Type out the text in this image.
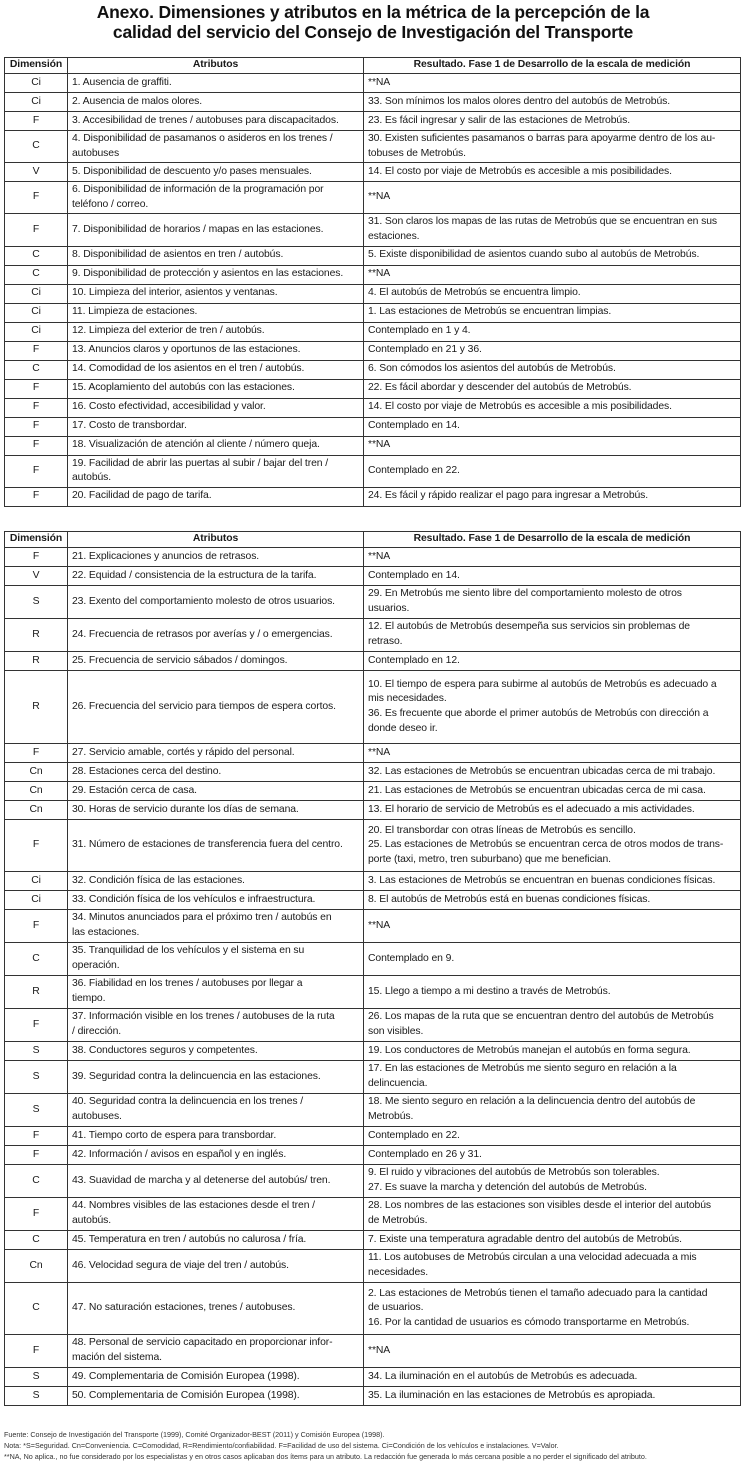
Anexo. Dimensiones y atributos en la métrica de la percepción de la
calidad del servicio del Consejo de Investigación del Transporte
Dimensión	Atributos	Resultado. Fase 1 de Desarrollo de la escala de medición
Ci	1. Ausencia de graffiti.	**NA

Ci	2. Ausencia de malos olores.	33. Son mínimos los malos olores dentro del autobús de Metrobús.

F	3. Accesibilidad de trenes / autobuses para discapacitados.	23. Es fácil ingresar y salir de las estaciones de Metrobús.

C	4. Disponibilidad de pasamanos o asideros en los trenes /
autobuses	30. Existen suficientes pasamanos o barras para apoyarme dentro de los au-
tobuses de Metrobús.

V	5. Disponibilidad de descuento y/o pases mensuales.	14. El costo por viaje de Metrobús es accesible a mis posibilidades.

F	6. Disponibilidad de información de la programación por
teléfono / correo.	**NA

F	7. Disponibilidad de horarios / mapas en las estaciones.	31. Son claros los mapas de las rutas de Metrobús que se encuentran en sus
estaciones.

C	8. Disponibilidad de asientos en tren / autobús.	5. Existe disponibilidad de asientos cuando subo al autobús de Metrobús.

C	9. Disponibilidad de protección y asientos en las estaciones.	**NA

Ci	10. Limpieza del interior, asientos y ventanas.	4. El autobús de Metrobús se encuentra limpio.

Ci	11. Limpieza de estaciones.	1. Las estaciones de Metrobús se encuentran limpias.

Ci	12. Limpieza del exterior de tren / autobús.	Contemplado en 1 y 4.

F	13. Anuncios claros y oportunos de las estaciones.	Contemplado en 21 y 36.

C	14. Comodidad de los asientos en el tren / autobús.	6. Son cómodos los asientos del autobús de Metrobús.

F	15. Acoplamiento del autobús con las estaciones.	22. Es fácil abordar y descender del autobús de Metrobús.

F	16. Costo efectividad, accesibilidad y valor.	14. El costo por viaje de Metrobús es accesible a mis posibilidades.

F	17. Costo de transbordar.	Contemplado en 14.

F	18. Visualización de atención al cliente / número queja.	**NA

F	19. Facilidad de abrir las puertas al subir / bajar del tren /
autobús.	Contemplado en 22.

F	20. Facilidad de pago de tarifa.	24. Es fácil y rápido realizar el pago para ingresar a Metrobús.
Dimensión	Atributos	Resultado. Fase 1 de Desarrollo de la escala de medición
F	21. Explicaciones y anuncios de retrasos.	**NA

V	22. Equidad / consistencia de la estructura de la tarifa.	Contemplado en 14.

S	23. Exento del comportamiento molesto de otros usuarios.	29. En Metrobús me siento libre del comportamiento molesto de otros
usuarios.

R	24. Frecuencia de retrasos por averías y / o emergencias.	12. El autobús de Metrobús desempeña sus servicios sin problemas de
retraso.

R	25. Frecuencia de servicio sábados / domingos.	Contemplado en 12.

R	26. Frecuencia del servicio para tiempos de espera cortos.	10. El tiempo de espera para subirme al autobús de Metrobús es adecuado a
mis necesidades.
36. Es frecuente que aborde el primer autobús de Metrobús con dirección a
donde deseo ir.

F	27. Servicio amable, cortés y rápido del personal.	**NA

Cn	28. Estaciones cerca del destino.	32. Las estaciones de Metrobús se encuentran ubicadas cerca de mi trabajo.

Cn	29. Estación cerca de casa.	21. Las estaciones de Metrobús se encuentran ubicadas cerca de mi casa.

Cn	30. Horas de servicio durante los días de semana.	13. El horario de servicio de Metrobús es el adecuado a mis actividades.

F	31. Número de estaciones de transferencia fuera del centro.	20. El transbordar con otras líneas de Metrobús es sencillo.
25. Las estaciones de Metrobús se encuentran cerca de otros modos de trans-
porte (taxi, metro, tren suburbano) que me benefician.

Ci	32. Condición física de las estaciones.	3. Las estaciones de Metrobús se encuentran en buenas condiciones físicas.

Ci	33. Condición física de los vehículos e infraestructura.	8. El autobús de Metrobús está en buenas condiciones físicas.

F	34. Minutos anunciados para el próximo tren / autobús en
las estaciones.	**NA

C	35. Tranquilidad de los vehículos y el sistema en su
operación.	Contemplado en 9.

R	36. Fiabilidad en los trenes / autobuses por llegar a
tiempo.	15. Llego a tiempo a mi destino a través de Metrobús.

F	37. Información visible en los trenes / autobuses de la ruta
/ dirección.	26. Los mapas de la ruta que se encuentran dentro del autobús de Metrobús
son visibles.

S	38. Conductores seguros y competentes.	19. Los conductores de Metrobús manejan el autobús en forma segura.

S	39. Seguridad contra la delincuencia en las estaciones.	17. En las estaciones de Metrobús me siento seguro en relación a la
delincuencia.

S	40. Seguridad contra la delincuencia en los trenes /
autobuses.	18. Me siento seguro en relación a la delincuencia dentro del autobús de
Metrobús.

F	41. Tiempo corto de espera para transbordar.	Contemplado en 22.

F	42. Información / avisos en español y en inglés.	Contemplado en 26 y 31.

C	43. Suavidad de marcha y al detenerse del autobús/ tren.	9. El ruido y vibraciones del autobús de Metrobús son tolerables.
27. Es suave la marcha y detención del autobús de Metrobús.

F	44. Nombres visibles de las estaciones desde el tren /
autobús.	28. Los nombres de las estaciones son visibles desde el interior del autobús
de Metrobús.

C	45. Temperatura en tren / autobús no calurosa / fría.	7. Existe una temperatura agradable dentro del autobús de Metrobús.

Cn	46. Velocidad segura de viaje del tren / autobús.	11. Los autobuses de Metrobús circulan a una velocidad adecuada a mis
necesidades.

C	47. No saturación estaciones, trenes / autobuses.	2. Las estaciones de Metrobús tienen el tamaño adecuado para la cantidad
de usuarios.
16. Por la cantidad de usuarios es cómodo transportarme en Metrobús.

F	48. Personal de servicio capacitado en proporcionar infor-
mación del sistema.	**NA

S	49. Complementaria de Comisión Europea (1998).	34. La iluminación en el autobús de Metrobús es adecuada.

S	50. Complementaria de Comisión Europea (1998).	35. La iluminación en las estaciones de Metrobús es apropiada.
Fuente: Consejo de Investigación del Transporte (1999), Comité Organizador-BEST (2011) y Comisión Europea (1998).
Nota: *S=Seguridad. Cn=Conveniencia. C=Comodidad, R=Rendimiento/confiabilidad. F=Facilidad de uso del sistema. Ci=Condición de los vehículos e instalaciones. V=Valor.
**NA, No aplica., no fue considerado por los especialistas y en otros casos aplicaban dos ítems para un atributo. La redacción fue generada lo más cercana posible a no perder el significado del atributo.
